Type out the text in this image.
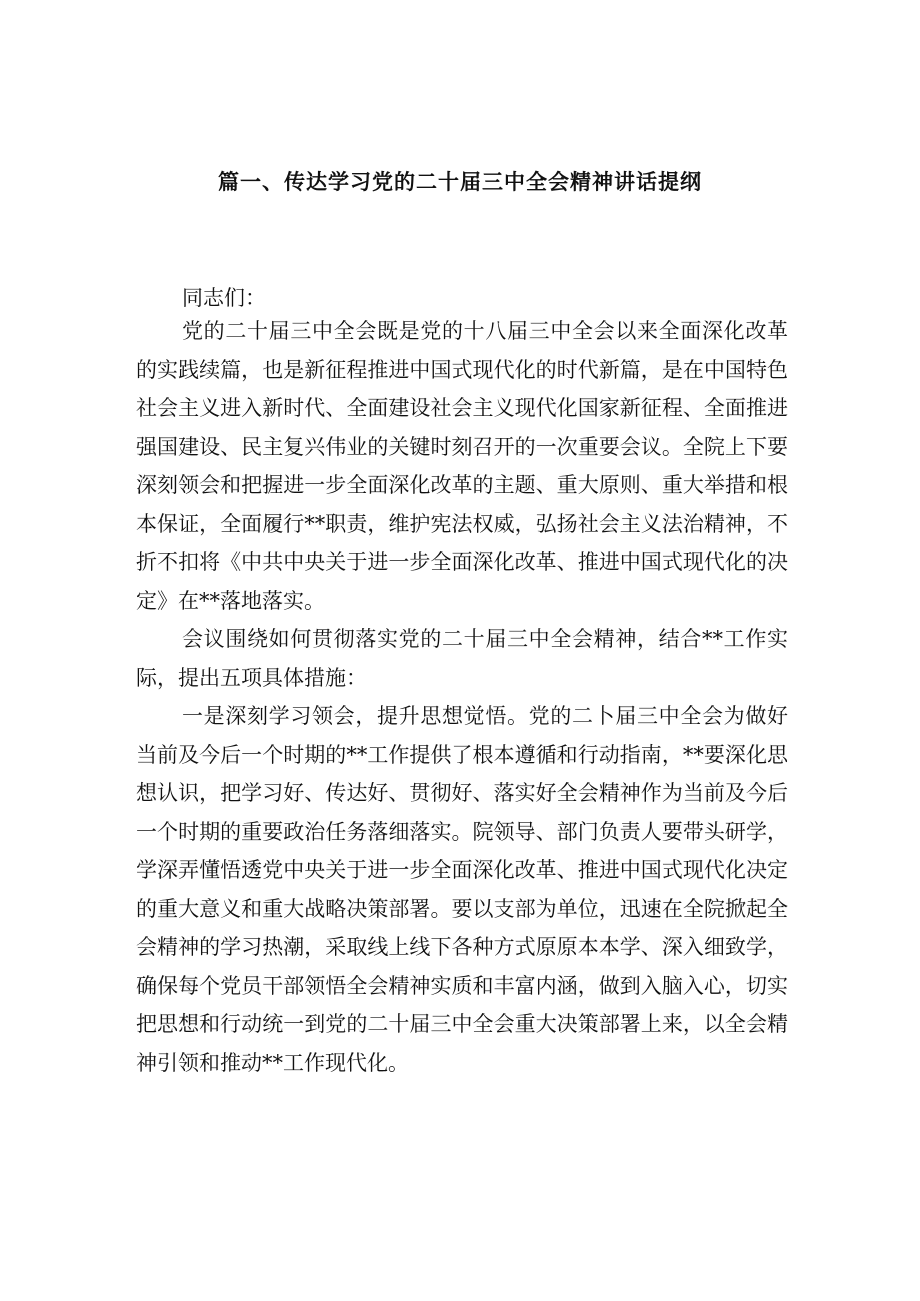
篇一、传达学习党的二十届三中全会精神讲话提纲
同志们：

党的二十届三中全会既是党的十八届三中全会以来全面深化改革的实践续篇，也是新征程推进中国式现代化的时代新篇，是在中国特色社会主义进入新时代、全面建设社会主义现代化国家新征程、全面推进强国建设、民主复兴伟业的关键时刻召开的一次重要会议。全院上下要深刻领会和把握进一步全面深化改革的主题、重大原则、重大举措和根本保证，全面履行**职责，维护宪法权威，弘扬社会主义法治精神，不折不扣将《中共中央关于进一步全面深化改革、推进中国式现代化的决定》在**落地落实。

会议围绕如何贯彻落实党的二十届三中全会精神，结合**工作实际，提出五项具体措施：

一是深刻学习领会，提升思想觉悟。党的二卜届三中全会为做好当前及今后一个时期的**工作提供了根本遵循和行动指南，**要深化思想认识，把学习好、传达好、贯彻好、落实好全会精神作为当前及今后一个时期的重要政治任务落细落实。院领导、部门负责人要带头研学，学深弄懂悟透党中央关于进一步全面深化改革、推进中国式现代化决定的重大意义和重大战略决策部署。要以支部为单位，迅速在全院掀起全会精神的学习热潮，采取线上线下各种方式原原本本学、深入细致学，确保每个党员干部领悟全会精神实质和丰富内涵，做到入脑入心，切实把思想和行动统一到党的二十届三中全会重大决策部署上来，以全会精神引领和推动**工作现代化。
